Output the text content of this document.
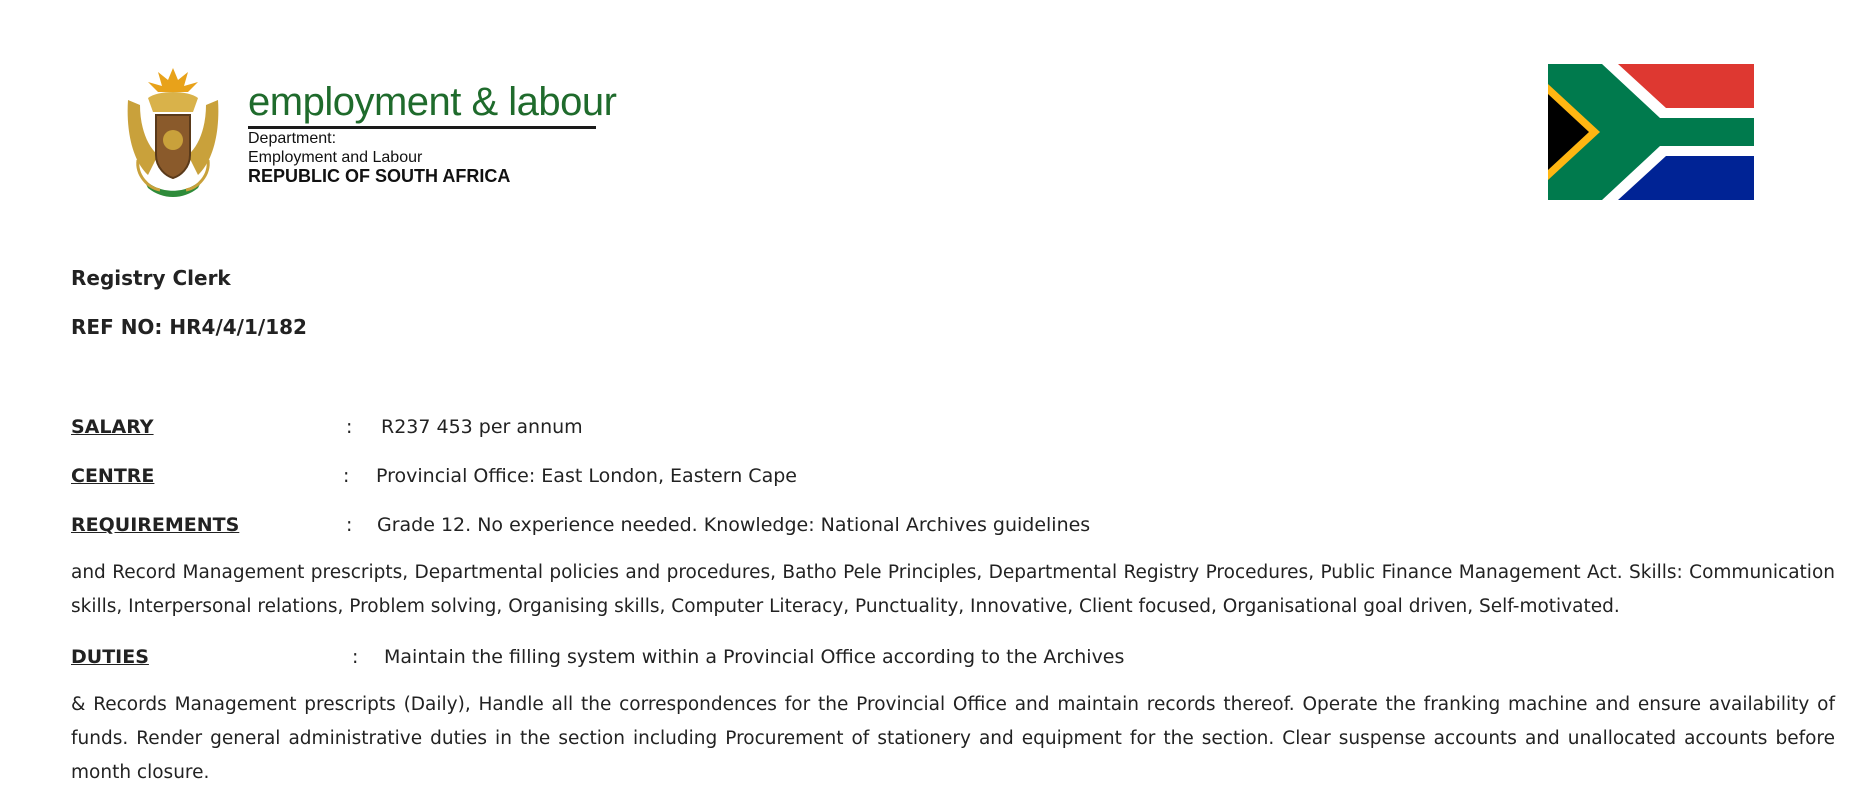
employment & labour
Department:
Employment and Labour
REPUBLIC OF SOUTH AFRICA
Registry Clerk
REF NO: HR4/4/1/182
SALARY	: R237 453 per annum
CENTRE	: Provincial Office: East London, Eastern Cape
REQUIREMENTS	: Grade 12. No experience needed. Knowledge: National Archives guidelines

and Record Management prescripts, Departmental policies and procedures, Batho Pele Principles, Departmental Registry Procedures, Public Finance Management Act. Skills: Communication skills, Interpersonal relations, Problem solving, Organising skills, Computer Literacy, Punctuality, Innovative, Client focused, Organisational goal driven, Self-motivated.

DUTIES	: Maintain the filling system within a Provincial Office according to the Archives

& Records Management prescripts (Daily), Handle all the correspondences for the Provincial Office and maintain records thereof. Operate the franking machine and ensure availability of funds. Render general administrative duties in the section including Procurement of stationery and equipment for the section. Clear suspense accounts and unallocated accounts before month closure.
